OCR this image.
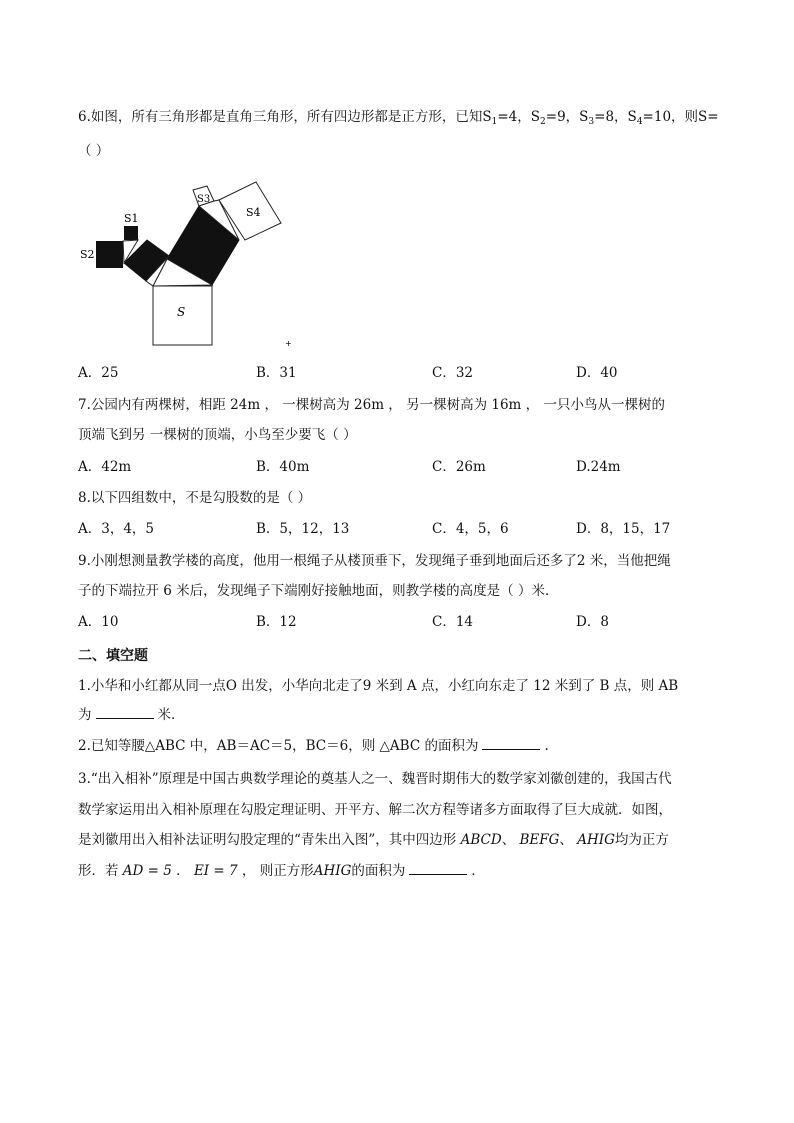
6.如图，所有三角形都是直角三角形，所有四边形都是正方形，已知$S_1=4$，$S_2=9$，$S_3=8$，$S_4=10$，则S=
（ ）
S
S1
S2
S3
S4
+
A．25	B．31	C．32	D．40
7.公园内有两棵树，相距 24m ， 一棵树高为 26m ， 另一棵树高为 16m ， 一只小鸟从一棵树的
顶端飞到另 一棵树的顶端，小鸟至少要飞（ ）
A．42m	B．40m	C．26m	D.24m
8.以下四组数中，不是勾股数的是（ ）
A．3，4，5	B．5，12，13	C．4，5，6	D．8，15，17
9.小刚想测量教学楼的高度，他用一根绳子从楼顶垂下，发现绳子垂到地面后还多了2 米，当他把绳
子的下端拉开 6 米后，发现绳子下端刚好接触地面，则教学楼的高度是（ ）米．
A．10	B．12	C．14	D．8
二、填空题
1.小华和小红都从同一点O 出发，小华向北走了9 米到 A 点，小红向东走了 12 米到了 B 点，则 AB
为	米．
2.已知等腰△ABC 中，AB＝AC＝5，BC＝6，则 △ABC 的面积为	.
3.“出入相补”原理是中国古典数学理论的奠基人之一、魏晋时期伟大的数学家刘徽创建的，我国古代
数学家运用出入相补原理在勾股定理证明、开平方、解二次方程等诸多方面取得了巨大成就．如图，
是刘徽用出入相补法证明勾股定理的“青朱出入图”，其中四边形 ABCD、 BEFG、 AHIG均为正方
形．若 AD = 5 ． EI = 7 ， 则正方形AHIG的面积为	．
